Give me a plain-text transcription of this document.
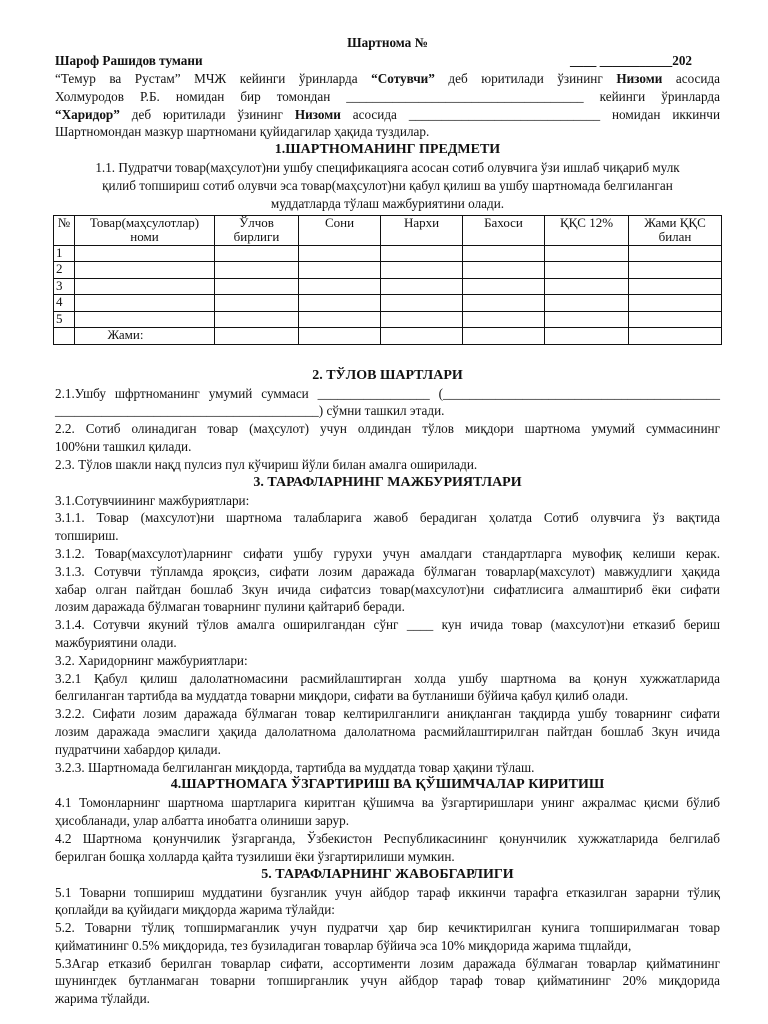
Шартнома №
Шароф Рашидов тумани	____ ___________202

“Темур ва Рустам” МЧЖ кейинги ўринларда “Сотувчи” деб юритилади ўзининг Низоми асосида
Холмуродов Р.Б. номидан бир томондан ____________________________________ кейинги ўринларда
“Харидор” деб юритилади ўзининг Низоми асосида _____________________________ номидан иккинчи
Шартномондан мазкур шартномани қуйидагилар ҳақида туздилар.

1.ШАРТНОМАНИНГ ПРЕДМЕТИ
1.1. Пудратчи товар(маҳсулот)ни ушбу спецификацияга асосан сотиб олувчига ўзи ишлаб чиқариб мулк
қилиб топшириш сотиб олувчи эса товар(маҳсулот)ни қабул қилиш ва ушбу шартномада белгиланган
муддатларда тўлаш мажбуриятини олади.
№	Товар(маҳсулотлар) номи	Ўлчов бирлиги	Сони	Нархи	Бахоси	ҚҚС 12%	Жами ҚҚС билан
1							
2							
3							
4							
5							
	Жами:						
2. ТЎЛОВ ШАРТЛАРИ

2.1.Ушбу шфртноманинг умумий суммаси _________________ (__________________________________________
________________________________________) сўмни ташкил этади.

2.2. Сотиб олинадиган товар (маҳсулот) учун олдиндан тўлов миқдори шартнома умумий суммасининг
100%ни ташкил қилади.

2.3. Тўлов шакли нақд пулсиз пул кўчириш йўли билан амалга оширилади.

3. ТАРАФЛАРНИНГ МАЖБУРИЯТЛАРИ

3.1.Сотувчиининг мажбуриятлари:

3.1.1. Товар (махсулот)ни шартнома талабларига жавоб берадиган ҳолатда Сотиб олувчига ўз вақтида
топшириш.

3.1.2. Товар(махсулот)ларнинг сифати ушбу гурухи учун амалдаги стандартларга мувофиқ келиши керак.

3.1.3. Сотувчи тўпламда яроқсиз, сифати лозим даражада бўлмаган товарлар(махсулот) мавжудлиги ҳақида
хабар олган пайтдан бошлаб 3кун ичида сифатсиз товар(махсулот)ни сифатлисига алмаштириб ёки сифати
лозим даражада бўлмаган товарнинг пулини қайтариб беради.

3.1.4. Сотувчи якуний тўлов амалга оширилгандан сўнг ____ кун ичида товар (махсулот)ни етказиб бериш
мажбуриятини олади.

3.2. Харидорнинг мажбуриятлари:

3.2.1 Қабул қилиш далолатномасини расмийлаштирган холда ушбу шартнома ва қонун хужжатларида
белгиланган тартибда ва муддатда товарни миқдори, сифати ва бутланиши бўйича қабул қилиб олади.

3.2.2. Сифати лозим даражада бўлмаган товар келтирилганлиги аниқланган тақдирда ушбу товарнинг сифати
лозим даражада эмаслиги ҳақида далолатнома далолатнома расмийлаштирилган пайтдан бошлаб 3кун ичида
пудратчини хабардор қилади.

3.2.3. Шартномада белгиланган миқдорда, тартибда ва муддатда товар ҳақини тўлаш.

4.ШАРТНОМАГА ЎЗГАРТИРИШ ВА ҚЎШИМЧАЛАР КИРИТИШ

4.1 Томонларнинг шартнома шартларига киритган қўшимча ва ўзгартиришлари унинг ажралмас қисми бўлиб
ҳисобланади, улар албатта инобатга олиниши зарур.

4.2 Шартнома қонунчилик ўзгарганда, Ўзбекистон Республикасининг қонунчилик хужжатларида белгилаб
берилган бошқа холларда қайта тузилиши ёки ўзгартирилиши мумкин.

5. ТАРАФЛАРНИНГ ЖАВОБГАРЛИГИ

5.1 Товарни топшириш муддатини бузганлик учун айбдор тараф иккинчи тарафга етказилган зарарни тўлиқ
қоплайди ва қуйидаги миқдорда жарима тўлайди:

5.2. Товарни тўлиқ топширмаганлик учун пудратчи ҳар бир кечиктирилган кунига топширилмаган товар
қийматининг 0.5% миқдорида, тез бузиладиган товарлар бўйича эса 10% миқдорида жарима тщлайди,

5.3Агар етказиб берилган товарлар сифати, ассортименти лозим даражада бўлмаган товарлар қийматининг
шунингдек бутланмаган товарни топширганлик учун айбдор тараф товар қийматининг 20% миқдорида
жарима тўлайди.
